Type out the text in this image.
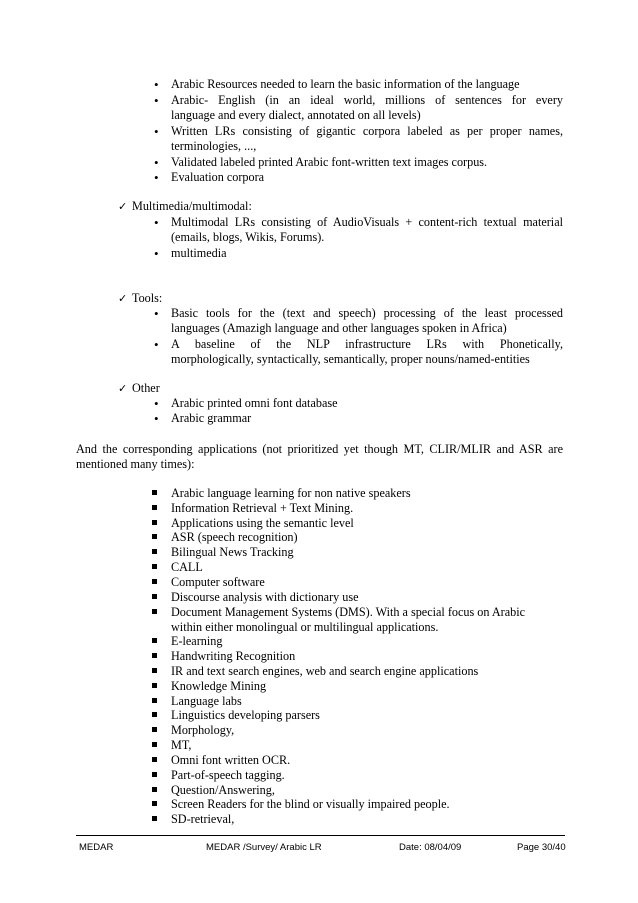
• Arabic Resources needed to learn the basic information of the language
• Arabic- English (in an ideal world, millions of sentences for every
language and every dialect, annotated on all levels)
• Written LRs consisting of gigantic corpora labeled as per proper names,
terminologies, ...,
• Validated labeled printed Arabic font-written text images corpus.
• Evaluation corpora
✓ Multimedia/multimodal:
• Multimodal LRs consisting of AudioVisuals + content-rich textual material
(emails, blogs, Wikis, Forums).
• multimedia
✓ Tools:
• Basic tools for the (text and speech) processing of the least processed
languages (Amazigh language and other languages spoken in Africa)
• A baseline of the NLP infrastructure LRs with Phonetically,
morphologically, syntactically, semantically, proper nouns/named-entities
✓ Other
• Arabic printed omni font database
• Arabic grammar
And the corresponding applications (not prioritized yet though MT, CLIR/MLIR and ASR are
mentioned many times):
Arabic language learning for non native speakers
Information Retrieval + Text Mining.
Applications using the semantic level
ASR (speech recognition)
Bilingual News Tracking
CALL
Computer software
Discourse analysis with dictionary use
Document Management Systems (DMS). With a special focus on Arabic
within either monolingual or multilingual applications.
E-learning
Handwriting Recognition
IR and text search engines, web and search engine applications
Knowledge Mining
Language labs
Linguistics developing parsers
Morphology,
MT,
Omni font written OCR.
Part-of-speech tagging.
Question/Answering,
Screen Readers for the blind or visually impaired people.
SD-retrieval,
MEDAR	MEDAR /Survey/ Arabic LR	Date: 08/04/09	Page 30/40
